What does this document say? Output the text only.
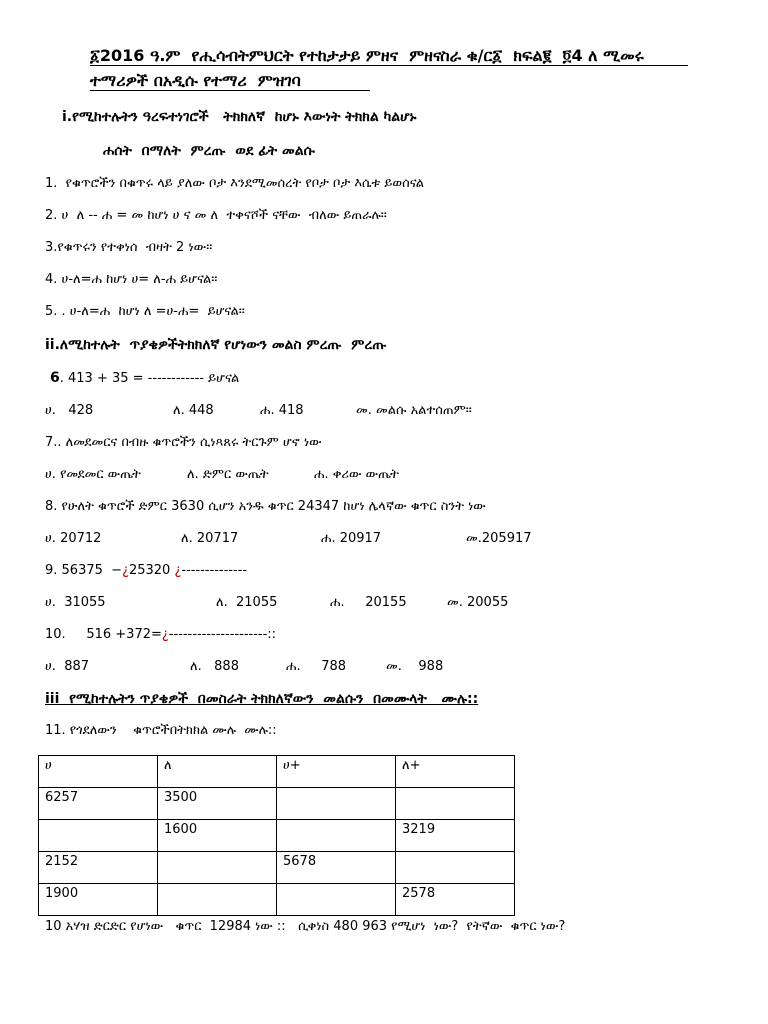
፩2016 ዓ.ም  የሒሳብትምህርት የተከታታይ ምዘና  ምዘናስራ ቁ/ር፩  ክፍል፪  ፬4 ለ ሚመሩ
ተማሪዎች በአዲሱ የተማሪ  ምዝገባ
i.የሚከተሉትን ዓረፍተነገሮች   ትክክለኛ  ከሆኑ እውነት ትክክል ካልሆኑ
ሐሰት  በማለት  ምረጡ  ወደ ፊት መልሱ
1.  የቁጥሮችን በቁጥሩ ላይ ያለው ቦታ እንደሚመሰረት የቦታ ቦታ እሴቱ ይወሰናል
2. ሀ  ለ -- ሐ = መ ከሆነ ሀ ና መ ለ  ተቀናሾች ናቸው  ብለው ይጠራሉ።
3.የቁጥሩን የተቀነሰ  ብዛት 2 ነው።
4. ሀ-ለ=ሐ ከሆነ ሀ= ለ-ሐ ይሆናል።
5. . ሀ-ለ=ሐ  ከሆነ ለ =ሀ-ሐ=  ይሆናል።
ii.ለሚከተሉት  ጥያቄዎችትክክለኛ የሆነውን መልስ ምረጡ  ምረጡ
6. 413 + 35 = ------------ ይሆናል
ሀ.   428	ለ. 448	ሐ. 418	መ. መልሱ አልተሰጠም።
7.. ለመደመርና በብዙ ቁጥሮችን ሲነጻጸሩ ትርጉም ሆኖ ነው
ሀ. የመደመር ውጤት	ለ. ድምር ውጤት	ሐ. ቀሪው ውጤት
8. የሁለት ቁጥሮች ድምር 3630 ሲሆን አንዱ ቁጥር 24347 ከሆነ ሌላኛው ቁጥር ስንት ነው
ሀ. 20712	ለ. 20717	ሐ. 20917	መ.205917
9. 56375  −¿25320 ¿--------------
ሀ.  31055	ለ.  21055	ሐ.     20155	መ. 20055
10.     516 +372=¿---------------------::
ሀ.  887	ለ.   888	ሐ.     788	መ.    988
iii  የሚከተሉትን ጥያቄዎች  በመስራት ትክክለኛውን  መልሱን  በመሙላት   ሙሉ::
11. የጎደለውን    ቁጥሮችበትክክል ሙሉ  ሙሉ::
ሀ	ለ	ሀ+	ለ+
6257	3500		
	1600		3219
2152		5678	
1900			2578
10 አሃዝ ድርድር የሆነው   ቁጥር  12984 ነው ::   ሲቀነስ 480 963 የሚሆነ  ነው?  የትኛው  ቁጥር ነው?
